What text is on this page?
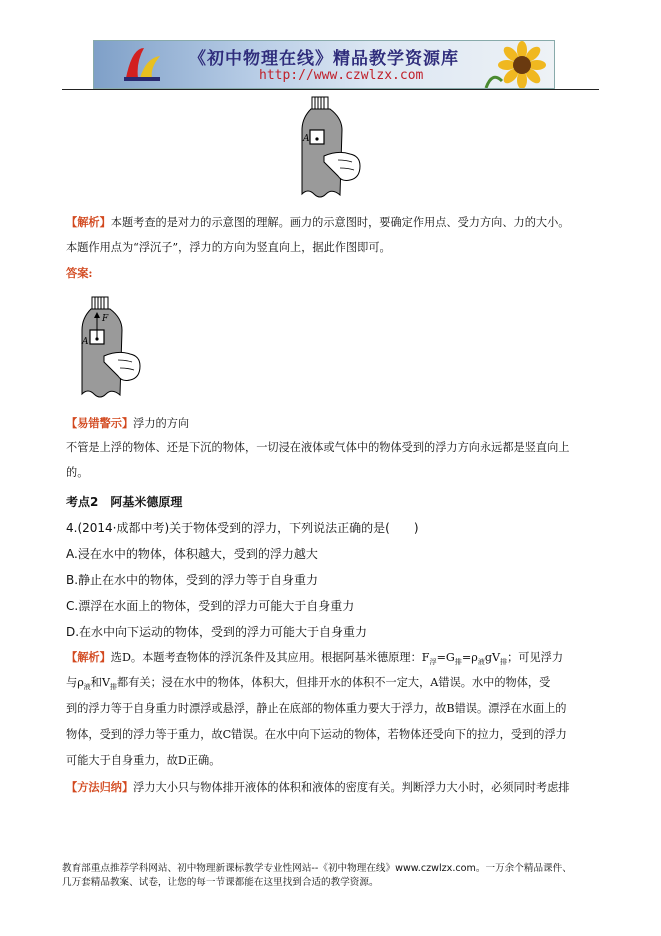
《初中物理在线》精品教学资源库
http://www.czwlzx.com
A
【解析】本题考查的是对力的示意图的理解。画力的示意图时，要确定作用点、受力方向、力的大小。
本题作用点为“浮沉子”，浮力的方向为竖直向上，据此作图即可。
答案:
F
A
【易错警示】浮力的方向
不管是上浮的物体、还是下沉的物体，一切浸在液体或气体中的物体受到的浮力方向永远都是竖直向上
的。
考点2　阿基米德原理
4.(2014·成都中考)关于物体受到的浮力，下列说法正确的是(　　)
A.浸在水中的物体，体积越大，受到的浮力越大
B.静止在水中的物体，受到的浮力等于自身重力
C.漂浮在水面上的物体，受到的浮力可能大于自身重力
D.在水中向下运动的物体，受到的浮力可能大于自身重力
【解析】选D。本题考查物体的浮沉条件及其应用。根据阿基米德原理：$F_浮=G_排=\rho_液gV_排$；可见浮力
与$\rho_液$和$V_排$都有关；浸在水中的物体，体积大，但排开水的体积不一定大，A错误。水中的物体，受
到的浮力等于自身重力时漂浮或悬浮，静止在底部的物体重力要大于浮力，故B错误。漂浮在水面上的
物体，受到的浮力等于重力，故C错误。在水中向下运动的物体，若物体还受向下的拉力，受到的浮力
可能大于自身重力，故D正确。
【方法归纳】浮力大小只与物体排开液体的体积和液体的密度有关。判断浮力大小时，必须同时考虑排
教育部重点推荐学科网站、初中物理新课标教学专业性网站--《初中物理在线》www.czwlzx.com。一万余个精品课件、
几万套精品教案、试卷，让您的每一节课都能在这里找到合适的教学资源。
